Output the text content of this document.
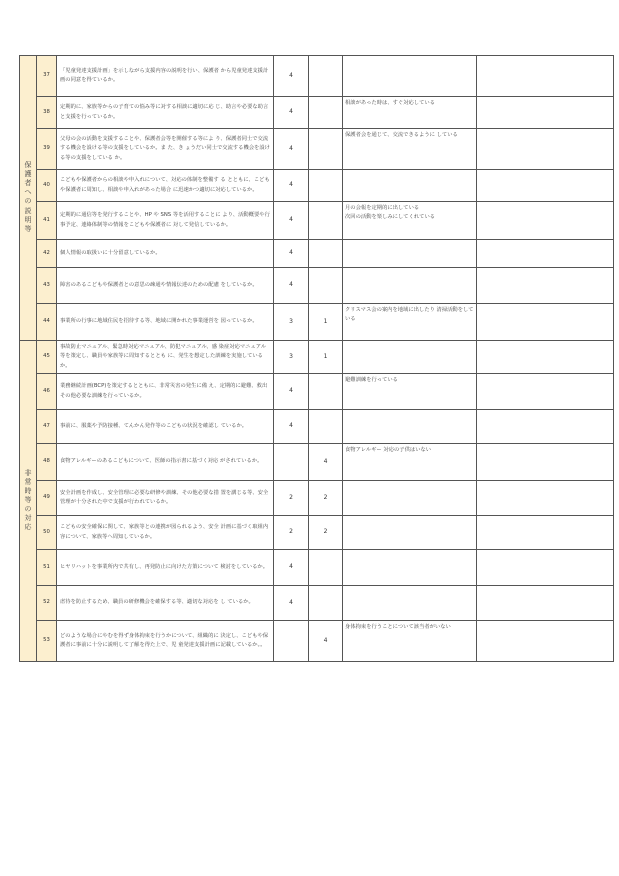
保 護
者 へ
の 説
明 等	37	「児童発達支援計画」を示しながら支援内容の説明を行い、保護者 から児童発達支援計画の同意を得ているか。	4			
	38	定期的に、家族等からの子育ての悩み等に対する相談に適切に応 じ、助言や必要な助言と支援を行っているか。	4		相談があった時は、すぐ対応している	
	39	父母の会の活動を支援することや、保護者会等を開催する等によ り、保護者同士で交流する機会を設ける等の支援をしているか。ま た、き ょうだい同士で交流する機会を設ける等の支援をしている か。	4		保護者会を通じて、交流できるように している	
	40	こどもや保護者からの相談や申入れについて、対応の体制を整備す る とともに、こどもや保護者に周知し、相談や申入れがあった場合 に迅速かつ適切に対応しているか。	4			
	41	定期的に通信等を発行することや、HP や SNS 等を活用することに より、活動概要や行事予定、連絡体制等の情報をこどもや保護者に 対して発信しているか。	4		月の会報を定期的に出している
次回の活動を楽しみにしてくれている	
	42	個人情報の取扱いに十分留意しているか。	4			
	43	障害のあるこどもや保護者との意思の疎通や情報伝達のための配慮 をしているか。	4			
	44	事業所の行事に地域住民を招待する等、地域に開かれた事業運営を 図っているか。	3	1	クリスマス会の案内を地域に出したり 清掃活動をしている	

非 常
時 等
の 対
応	45	事故防止マニュアル、緊急時対応マニュアル、防犯マニュアル、感 染症対応マニュアル等を策定し、職員や家族等に周知するととも に、発生を想定した訓練を実施しているか。	3	1		
	46	業務継続計画(BCP)を策定するとともに、非常災害の発生に備 え、定期的に避難、救出その他必要な訓練を行っているか。	4		避難訓練を行っている	
	47	事前に、服薬や予防接種、てんかん発作等のこどもの状況を確認し ているか。	4			
	48	食物アレルギーのあるこどもについて、医師の指示書に基づく対応 がされているか。		4	食物アレルギー 対応の子供はいない	
	49	安全計画を作成し、安全管理に必要な研修や訓練、その他必要な措 置を講じる等、安全管理が十分された中で支援が行われているか。	2	2		
	50	こどもの安全確保に関して、家族等との連携が図られるよう、安全 計画に基づく取組内容について、家族等へ周知しているか。	2	2		
	51	ヒヤリハットを事業所内で共有し、再発防止に向けた方策について 検討をしているか。	4			
	52	虐待を防止するため、職員の研修機会を確保する等、適切な対応を し ているか。	4			
	53	どのような場合にやむを得ず身体拘束を行うかについて、組織的に 決定し、こどもや保護者に事前に十分に説明して了解を得た上で、児 童発達支援計画に記載しているか。。		4	身体拘束を行うことについて該当者がいない	
